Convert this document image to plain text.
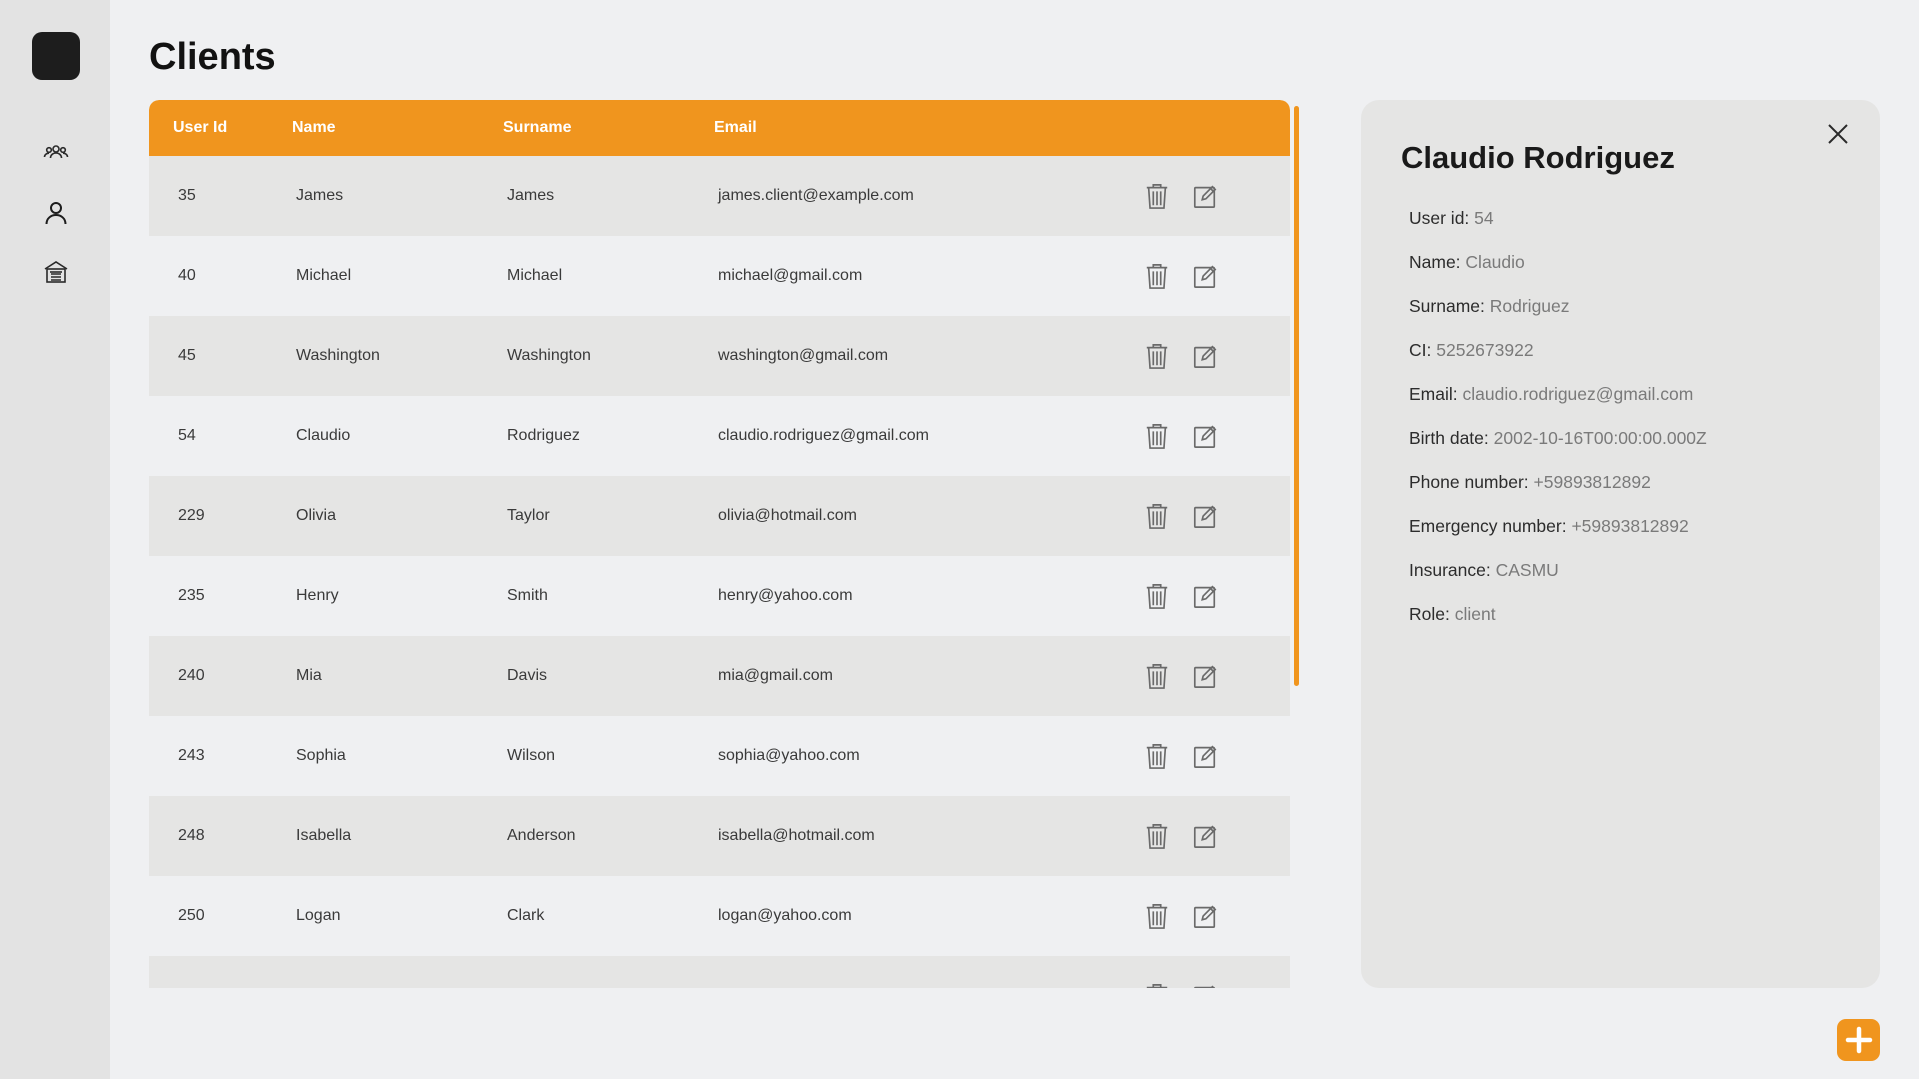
Clients
User Id	Name	Surname	Email
35	James	James	james.client@example.com
40	Michael	Michael	michael@gmail.com
45	Washington	Washington	washington@gmail.com
54	Claudio	Rodriguez	claudio.rodriguez@gmail.com
229	Olivia	Taylor	olivia@hotmail.com
235	Henry	Smith	henry@yahoo.com
240	Mia	Davis	mia@gmail.com
243	Sophia	Wilson	sophia@yahoo.com
248	Isabella	Anderson	isabella@hotmail.com
250	Logan	Clark	logan@yahoo.com
Claudio Rodriguez
User id: 54
Name: Claudio
Surname: Rodriguez
CI: 5252673922
Email: claudio.rodriguez@gmail.com
Birth date: 2002-10-16T00:00:00.000Z
Phone number: +59893812892
Emergency number: +59893812892
Insurance: CASMU
Role: client
